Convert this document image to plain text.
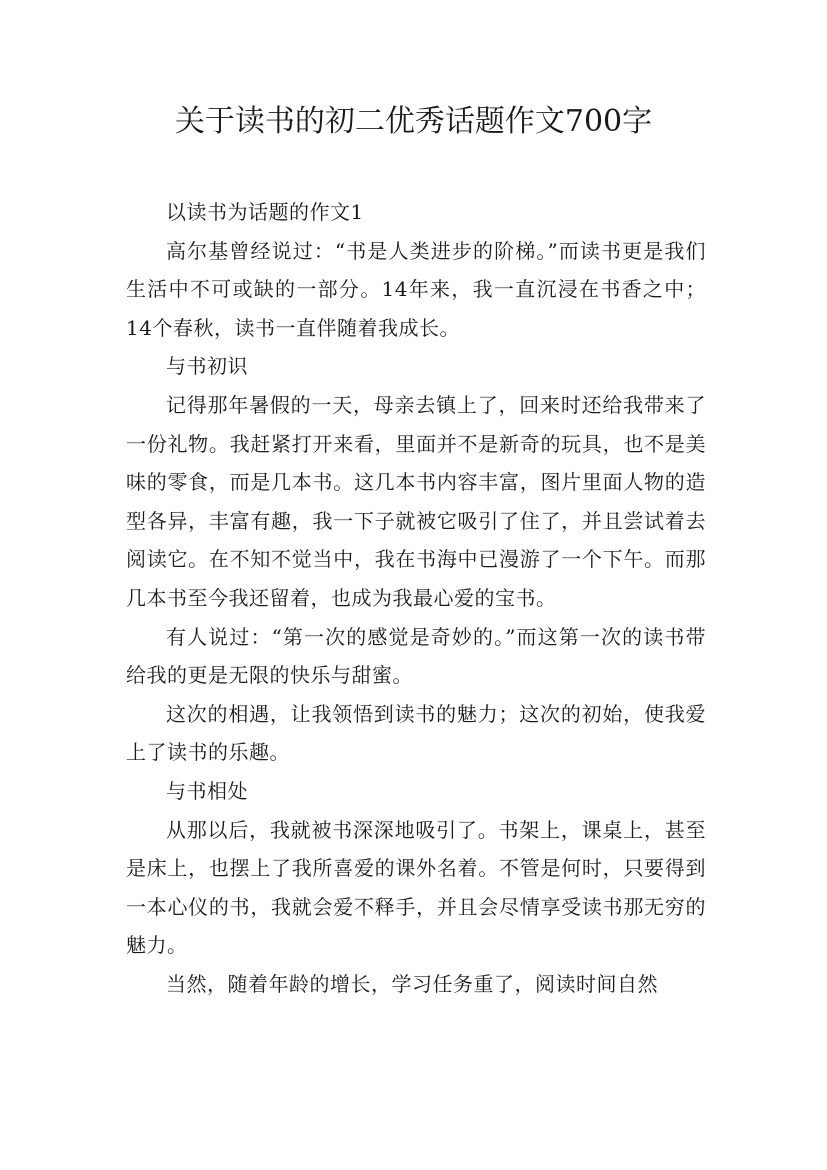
关于读书的初二优秀话题作文700字

以读书为话题的作文1

高尔基曾经说过：“书是人类进步的阶梯。”而读书更是我们生活中不可或缺的一部分。14年来，我一直沉浸在书香之中；14个春秋，读书一直伴随着我成长。

与书初识

记得那年暑假的一天，母亲去镇上了，回来时还给我带来了一份礼物。我赶紧打开来看，里面并不是新奇的玩具，也不是美味的零食，而是几本书。这几本书内容丰富，图片里面人物的造型各异，丰富有趣，我一下子就被它吸引了住了，并且尝试着去阅读它。在不知不觉当中，我在书海中已漫游了一个下午。而那几本书至今我还留着，也成为我最心爱的宝书。

有人说过：“第一次的感觉是奇妙的。”而这第一次的读书带给我的更是无限的快乐与甜蜜。

这次的相遇，让我领悟到读书的魅力；这次的初始，使我爱上了读书的乐趣。

与书相处

从那以后，我就被书深深地吸引了。书架上，课桌上，甚至是床上，也摆上了我所喜爱的课外名着。不管是何时，只要得到一本心仪的书，我就会爱不释手，并且会尽情享受读书那无穷的魅力。

当然，随着年龄的增长，学习任务重了，阅读时间自然
